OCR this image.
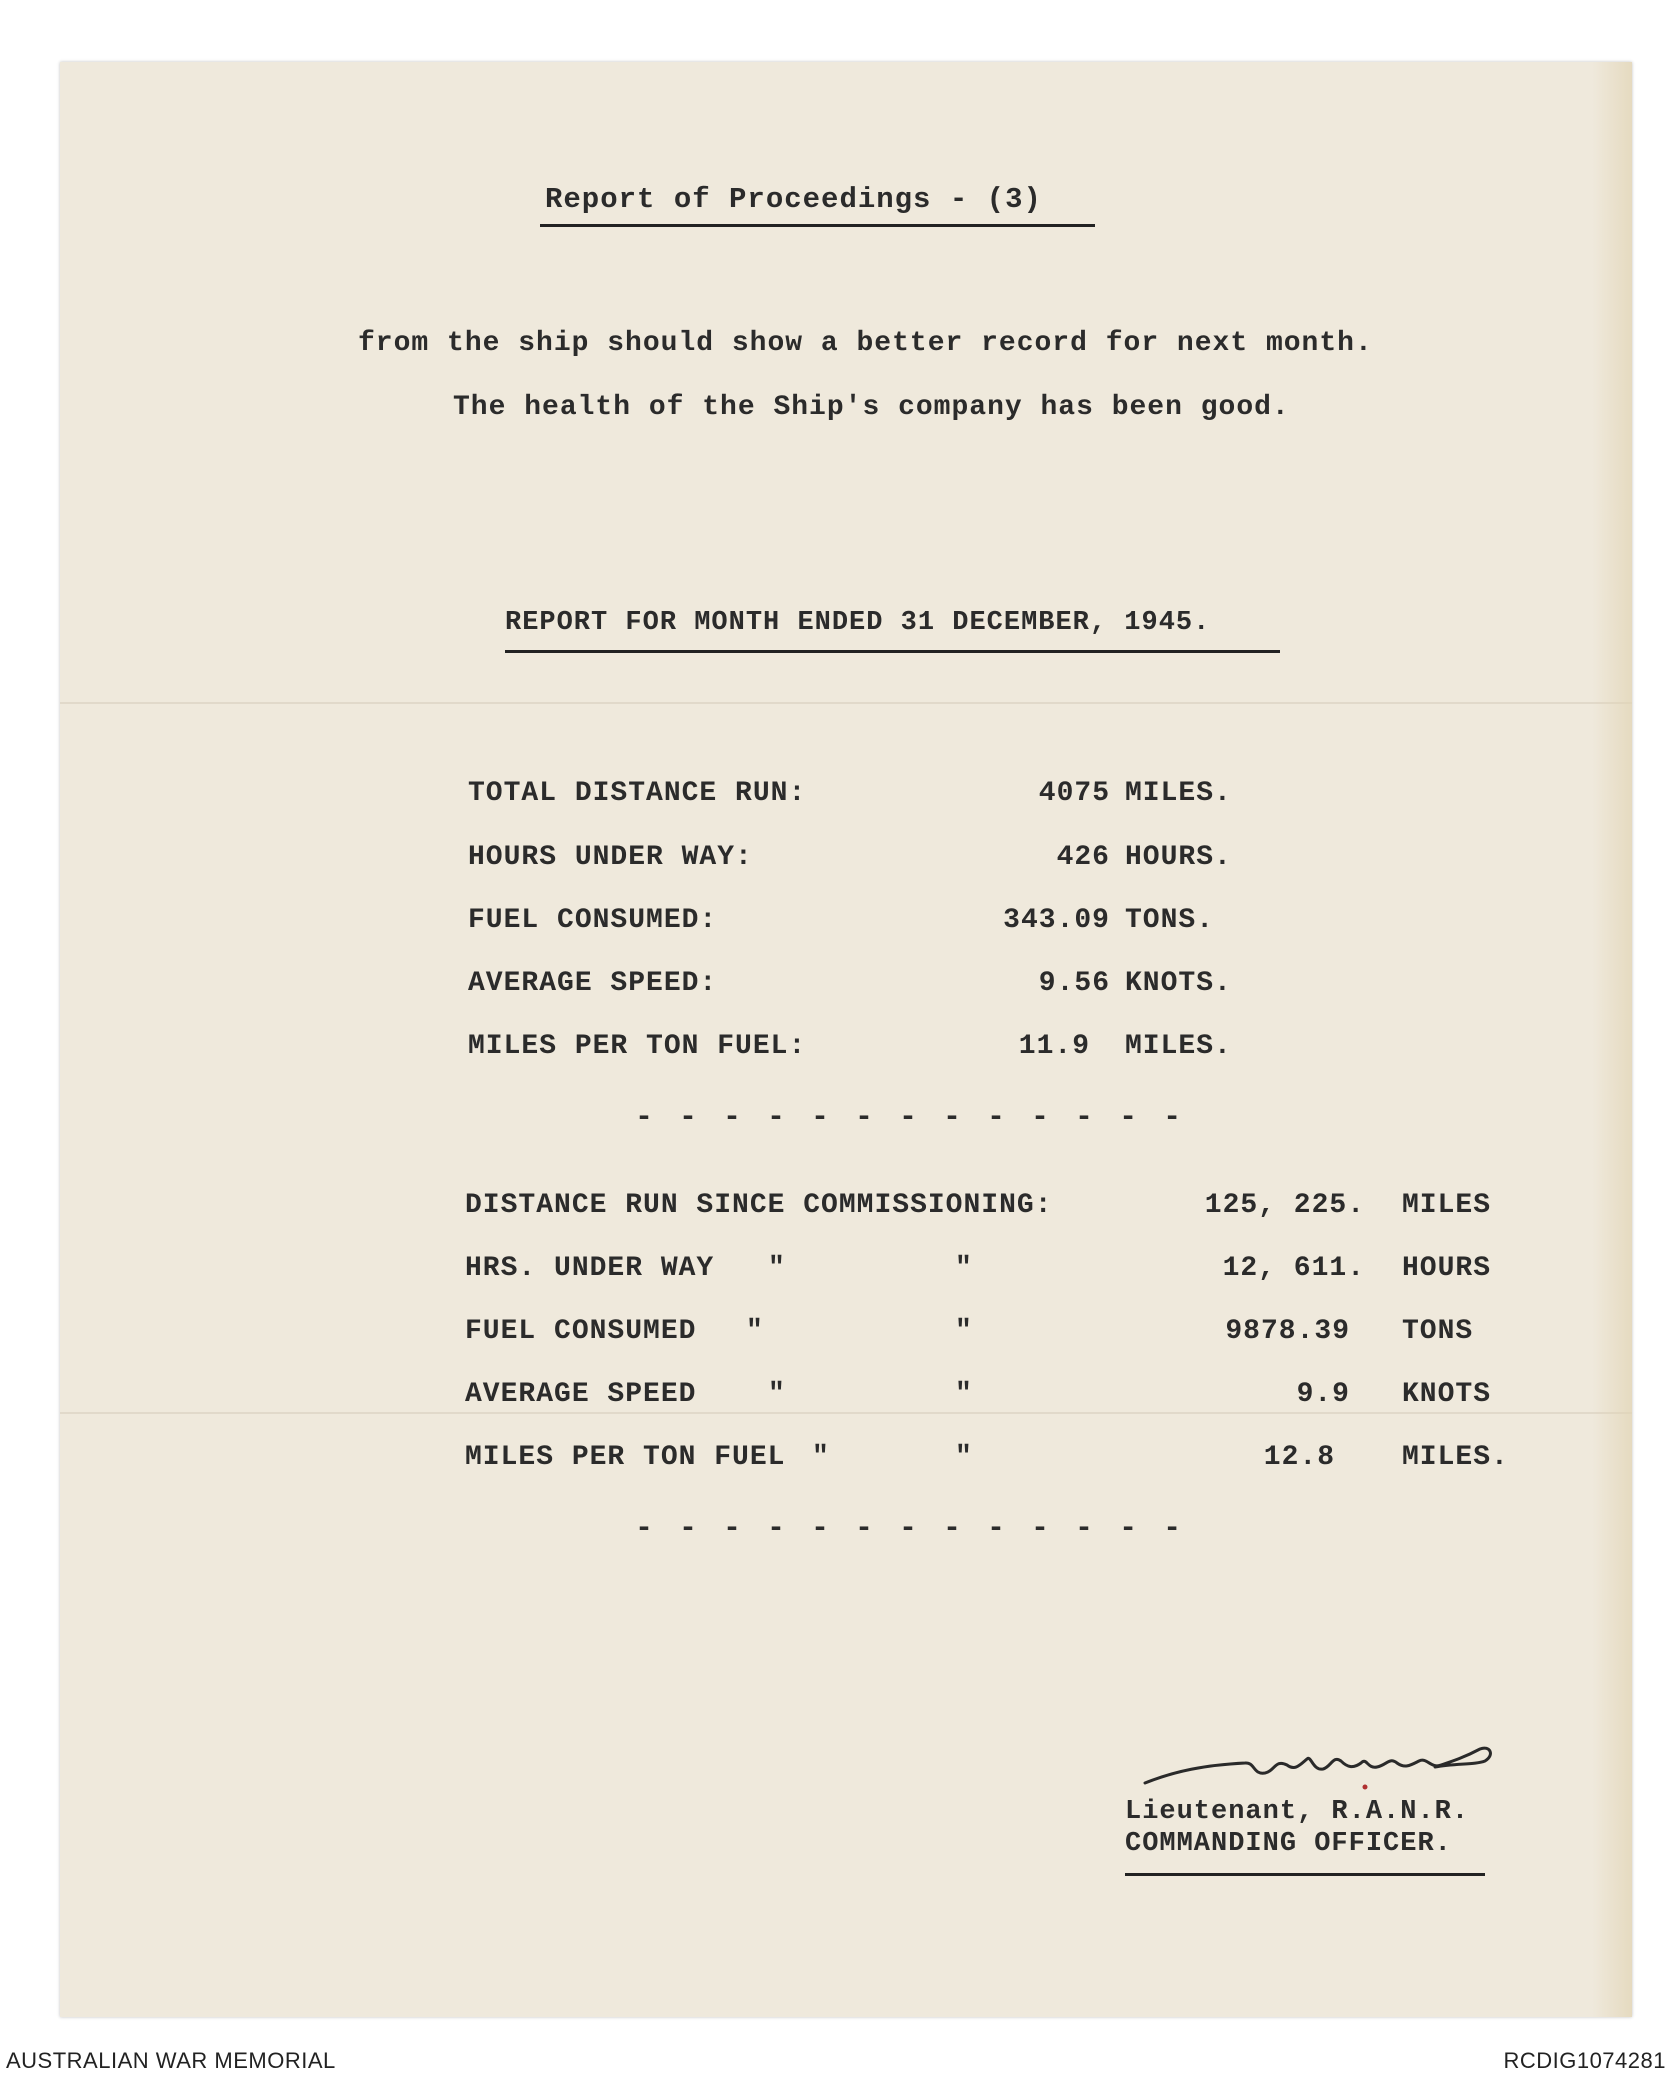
Report of Proceedings - (3)
from the ship should show a better record for next month.
The health of the Ship's company has been good.
REPORT FOR MONTH ENDED 31 DECEMBER, 1945.
TOTAL DISTANCE RUN:	4075 MILES.
HOURS UNDER WAY:	426 HOURS.
FUEL CONSUMED:	343.09 TONS.
AVERAGE SPEED:	9.56 KNOTS.
MILES PER TON FUEL:	11.9 MILES.
- - - - - - - - - - - - -
DISTANCE RUN SINCE COMMISSIONING:	125, 225. MILES
HRS. UNDER WAY "	"	12, 611. HOURS
FUEL CONSUMED "	"	9878.39 TONS
AVERAGE SPEED	"	"	9.9 KNOTS
MILES PER TON FUEL "	"	12.8 MILES.
- - - - - - - - - - - - -
Lieutenant, R.A.N.R.
COMMANDING OFFICER.
AUSTRALIAN WAR MEMORIAL	RCDIG1074281
